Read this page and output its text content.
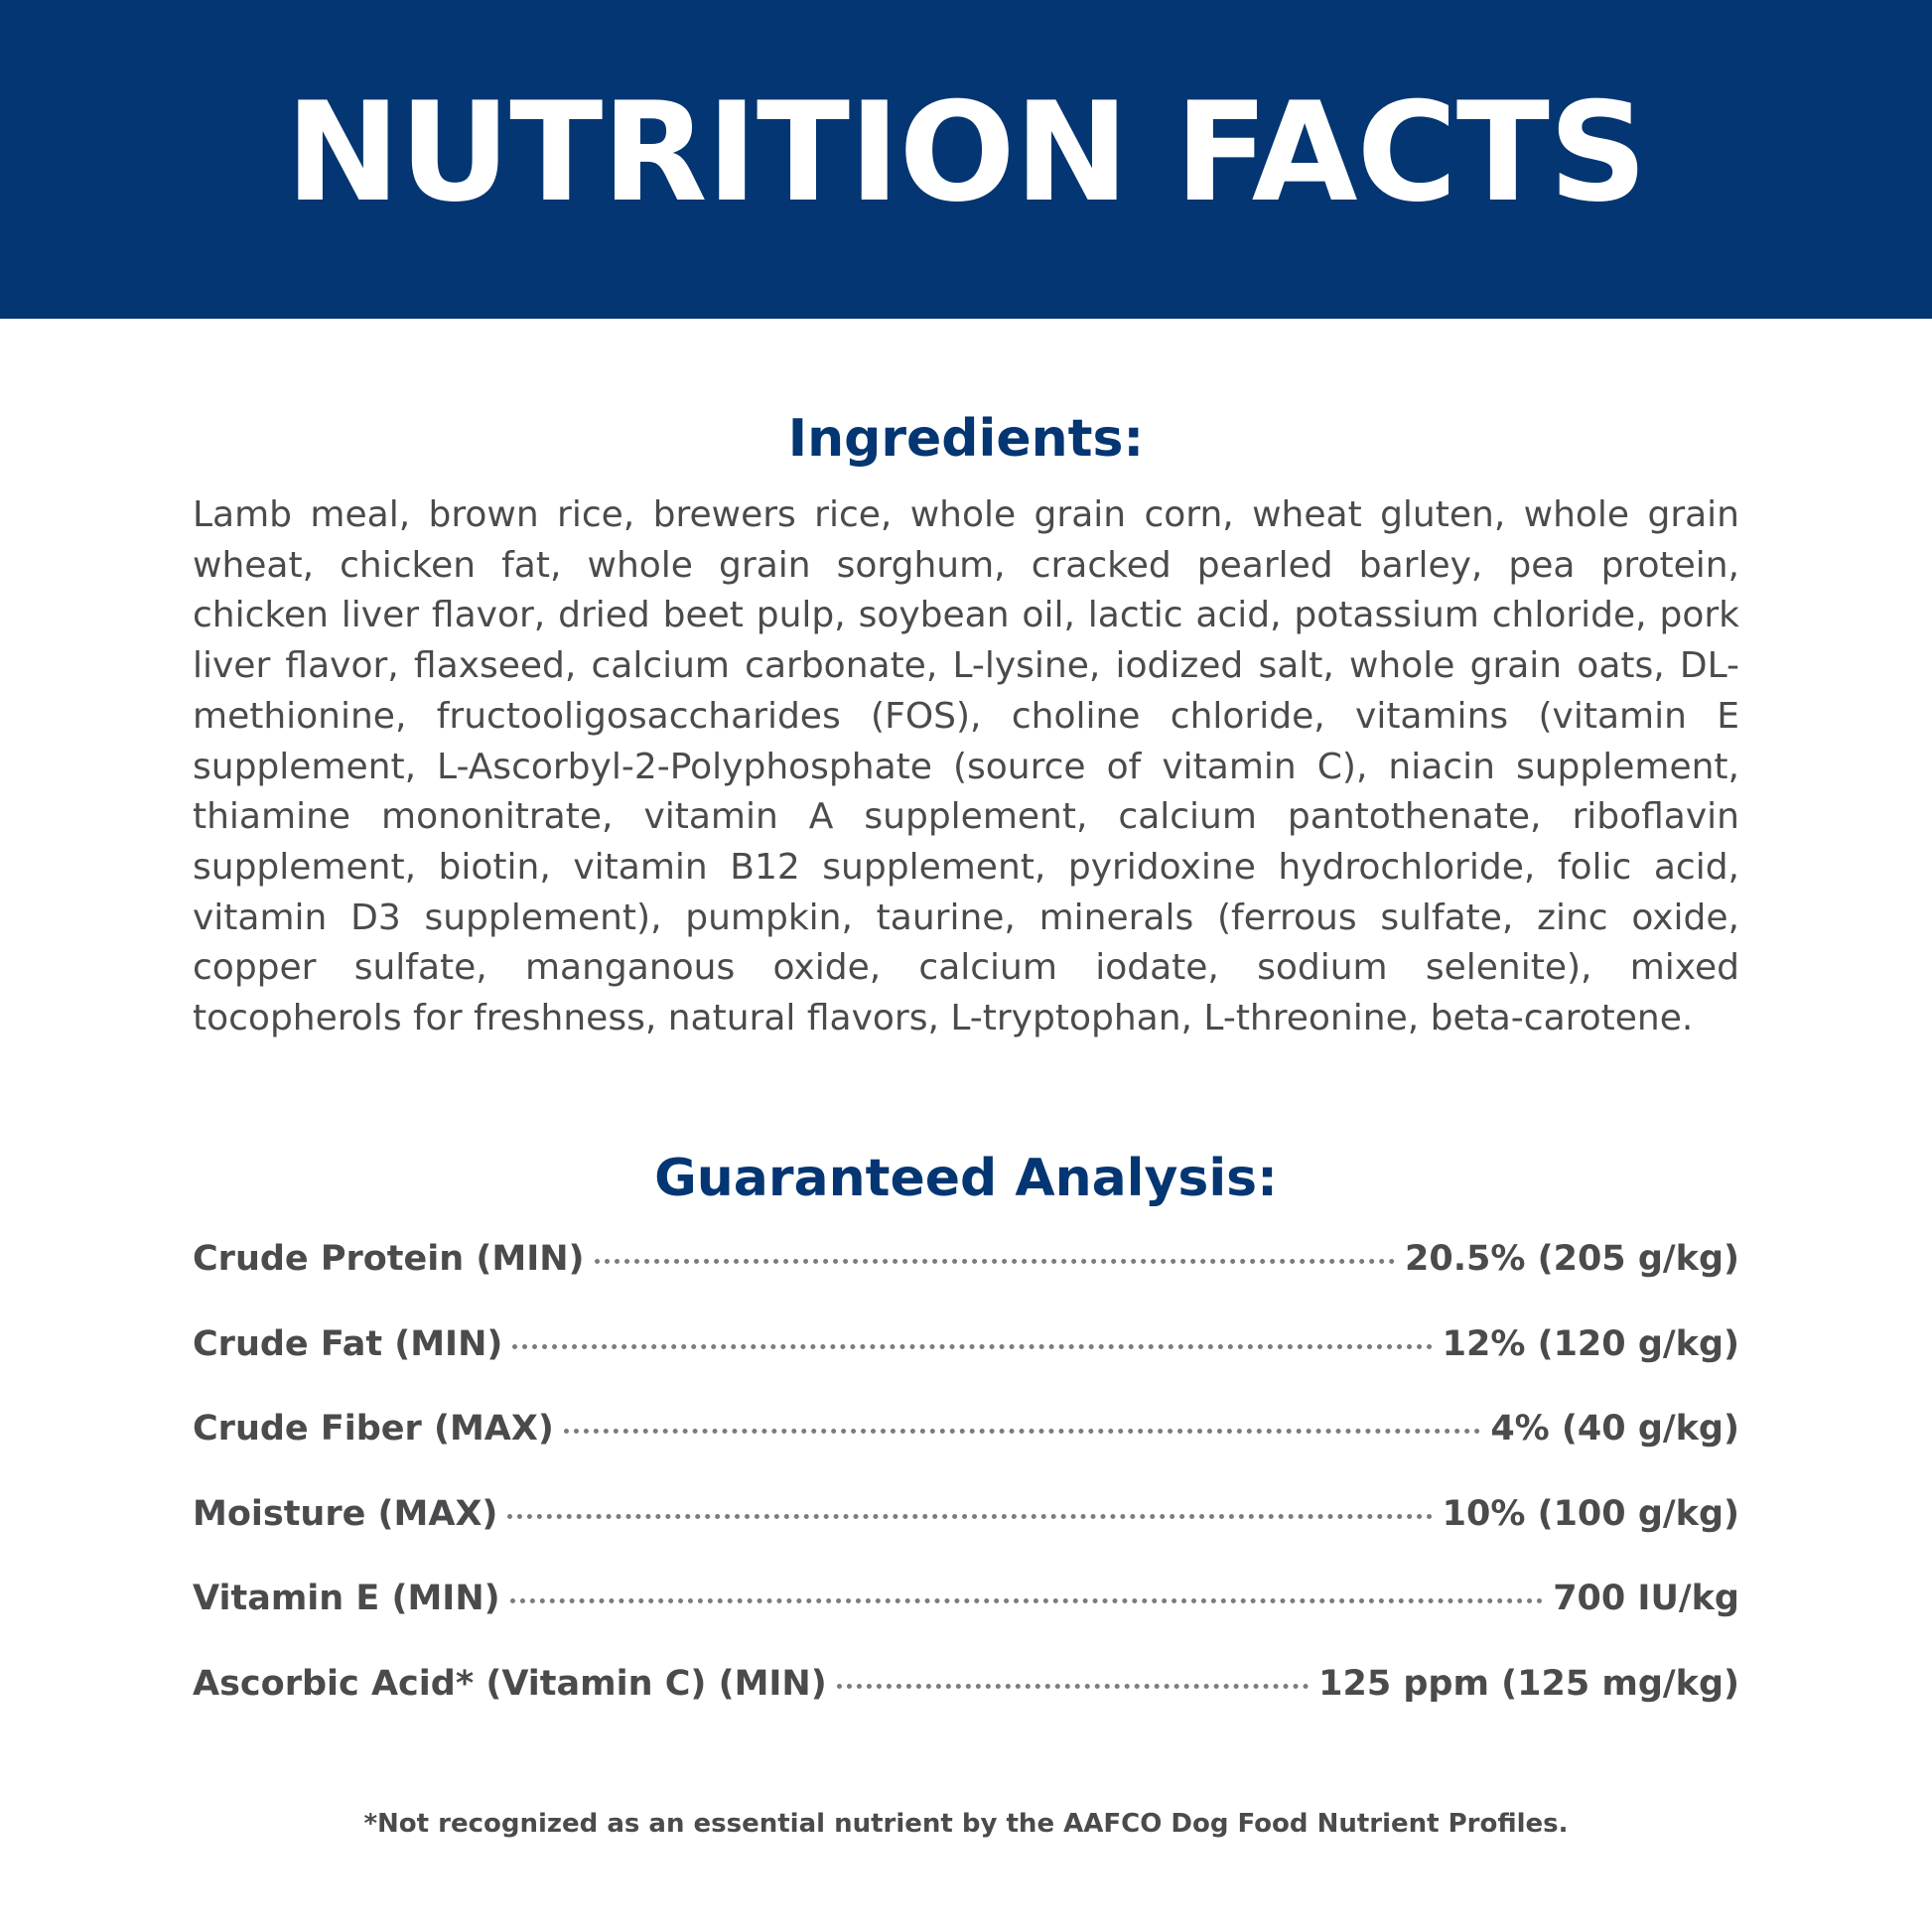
NUTRITION FACTS
Ingredients:

Lamb meal, brown rice, brewers rice, whole grain corn, wheat gluten, whole grain wheat, chicken fat, whole grain sorghum, cracked pearled barley, pea protein, chicken liver flavor, dried beet pulp, soybean oil, lactic acid, potassium chloride, pork liver flavor, flaxseed, calcium carbonate, L-lysine, iodized salt, whole grain oats, DL-methionine, fructooligosaccharides (FOS), choline chloride, vitamins (vitamin E supplement, L-Ascorbyl-2-Polyphosphate (source of vitamin C), niacin supplement, thiamine mononitrate, vitamin A supplement, calcium pantothenate, riboflavin supplement, biotin, vitamin B12 supplement, pyridoxine hydrochloride, folic acid, vitamin D3 supplement), pumpkin, taurine, minerals (ferrous sulfate, zinc oxide, copper sulfate, manganous oxide, calcium iodate, sodium selenite), mixed tocopherols for freshness, natural flavors, L-tryptophan, L-threonine, beta-carotene.

Guaranteed Analysis:
Crude Protein (MIN)	20.5% (205 g/kg)
Crude Fat (MIN)	12% (120 g/kg)
Crude Fiber (MAX)	4% (40 g/kg)
Moisture (MAX)	10% (100 g/kg)
Vitamin E (MIN)	700 IU/kg
Ascorbic Acid* (Vitamin C) (MIN)	125 ppm (125 mg/kg)
*Not recognized as an essential nutrient by the AAFCO Dog Food Nutrient Profiles.
